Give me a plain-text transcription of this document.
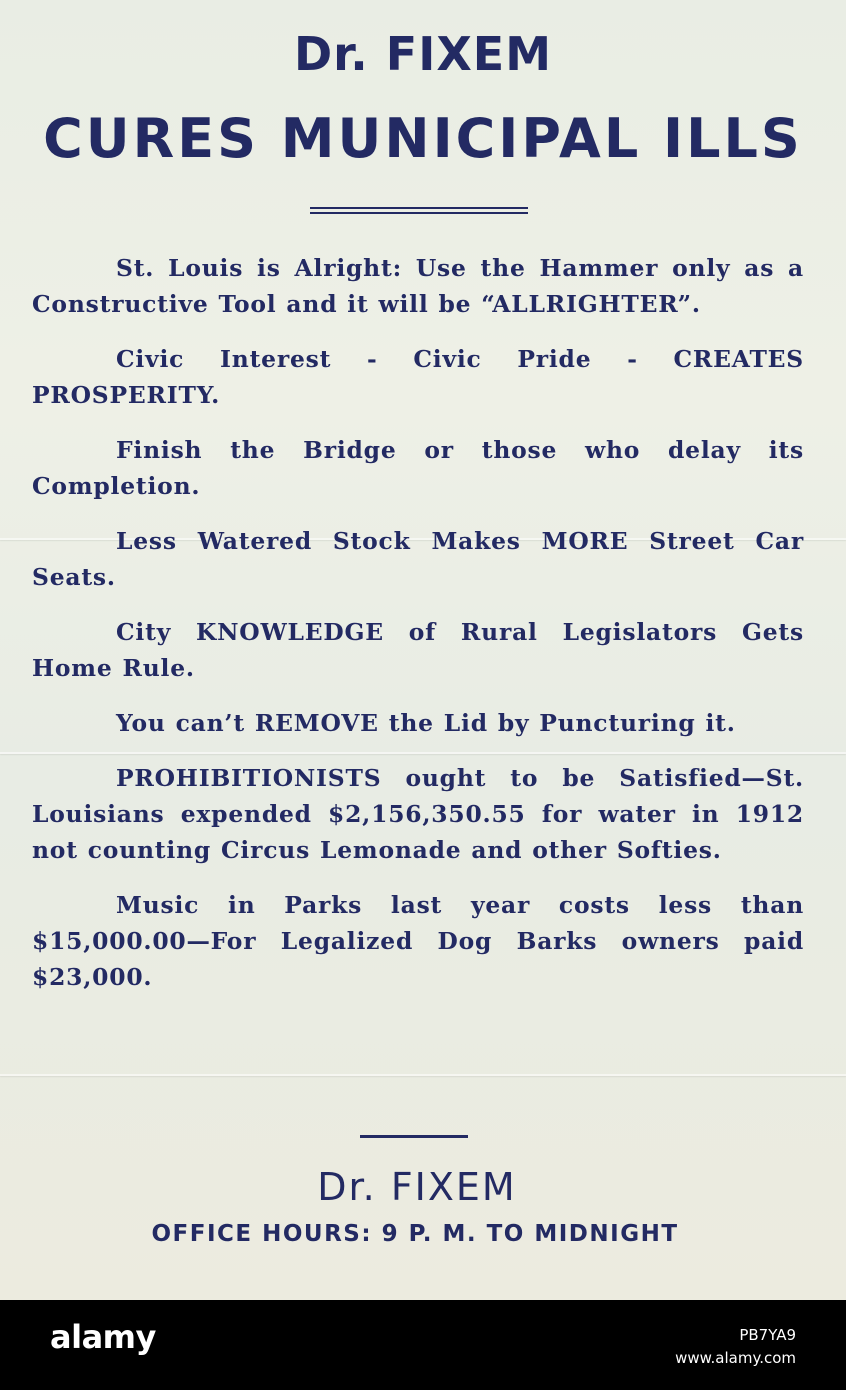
Dr. FIXEM
CURES MUNICIPAL ILLS

St. Louis is Alright: Use the Hammer only as a Constructive Tool and it will be “ALLRIGHTER”.

Civic Interest - Civic Pride - CREATES PROSPERITY.

Finish the Bridge or those who delay its Completion.

Less Watered Stock Makes MORE Street Car Seats.

City KNOWLEDGE of Rural Legislators Gets Home Rule.

You can’t REMOVE the Lid by Puncturing it.

PROHIBITIONISTS ought to be Satisfied—St. Louisians expended $2,156,350.55 for water in 1912 not counting Circus Lemonade and other Softies.

Music in Parks last year costs less than $15,000.00—For Legalized Dog Barks owners paid $23,000.

Dr. FIXEM
OFFICE HOURS: 9 P. M. TO MIDNIGHT
alamy	PB7YA9
www.alamy.com
